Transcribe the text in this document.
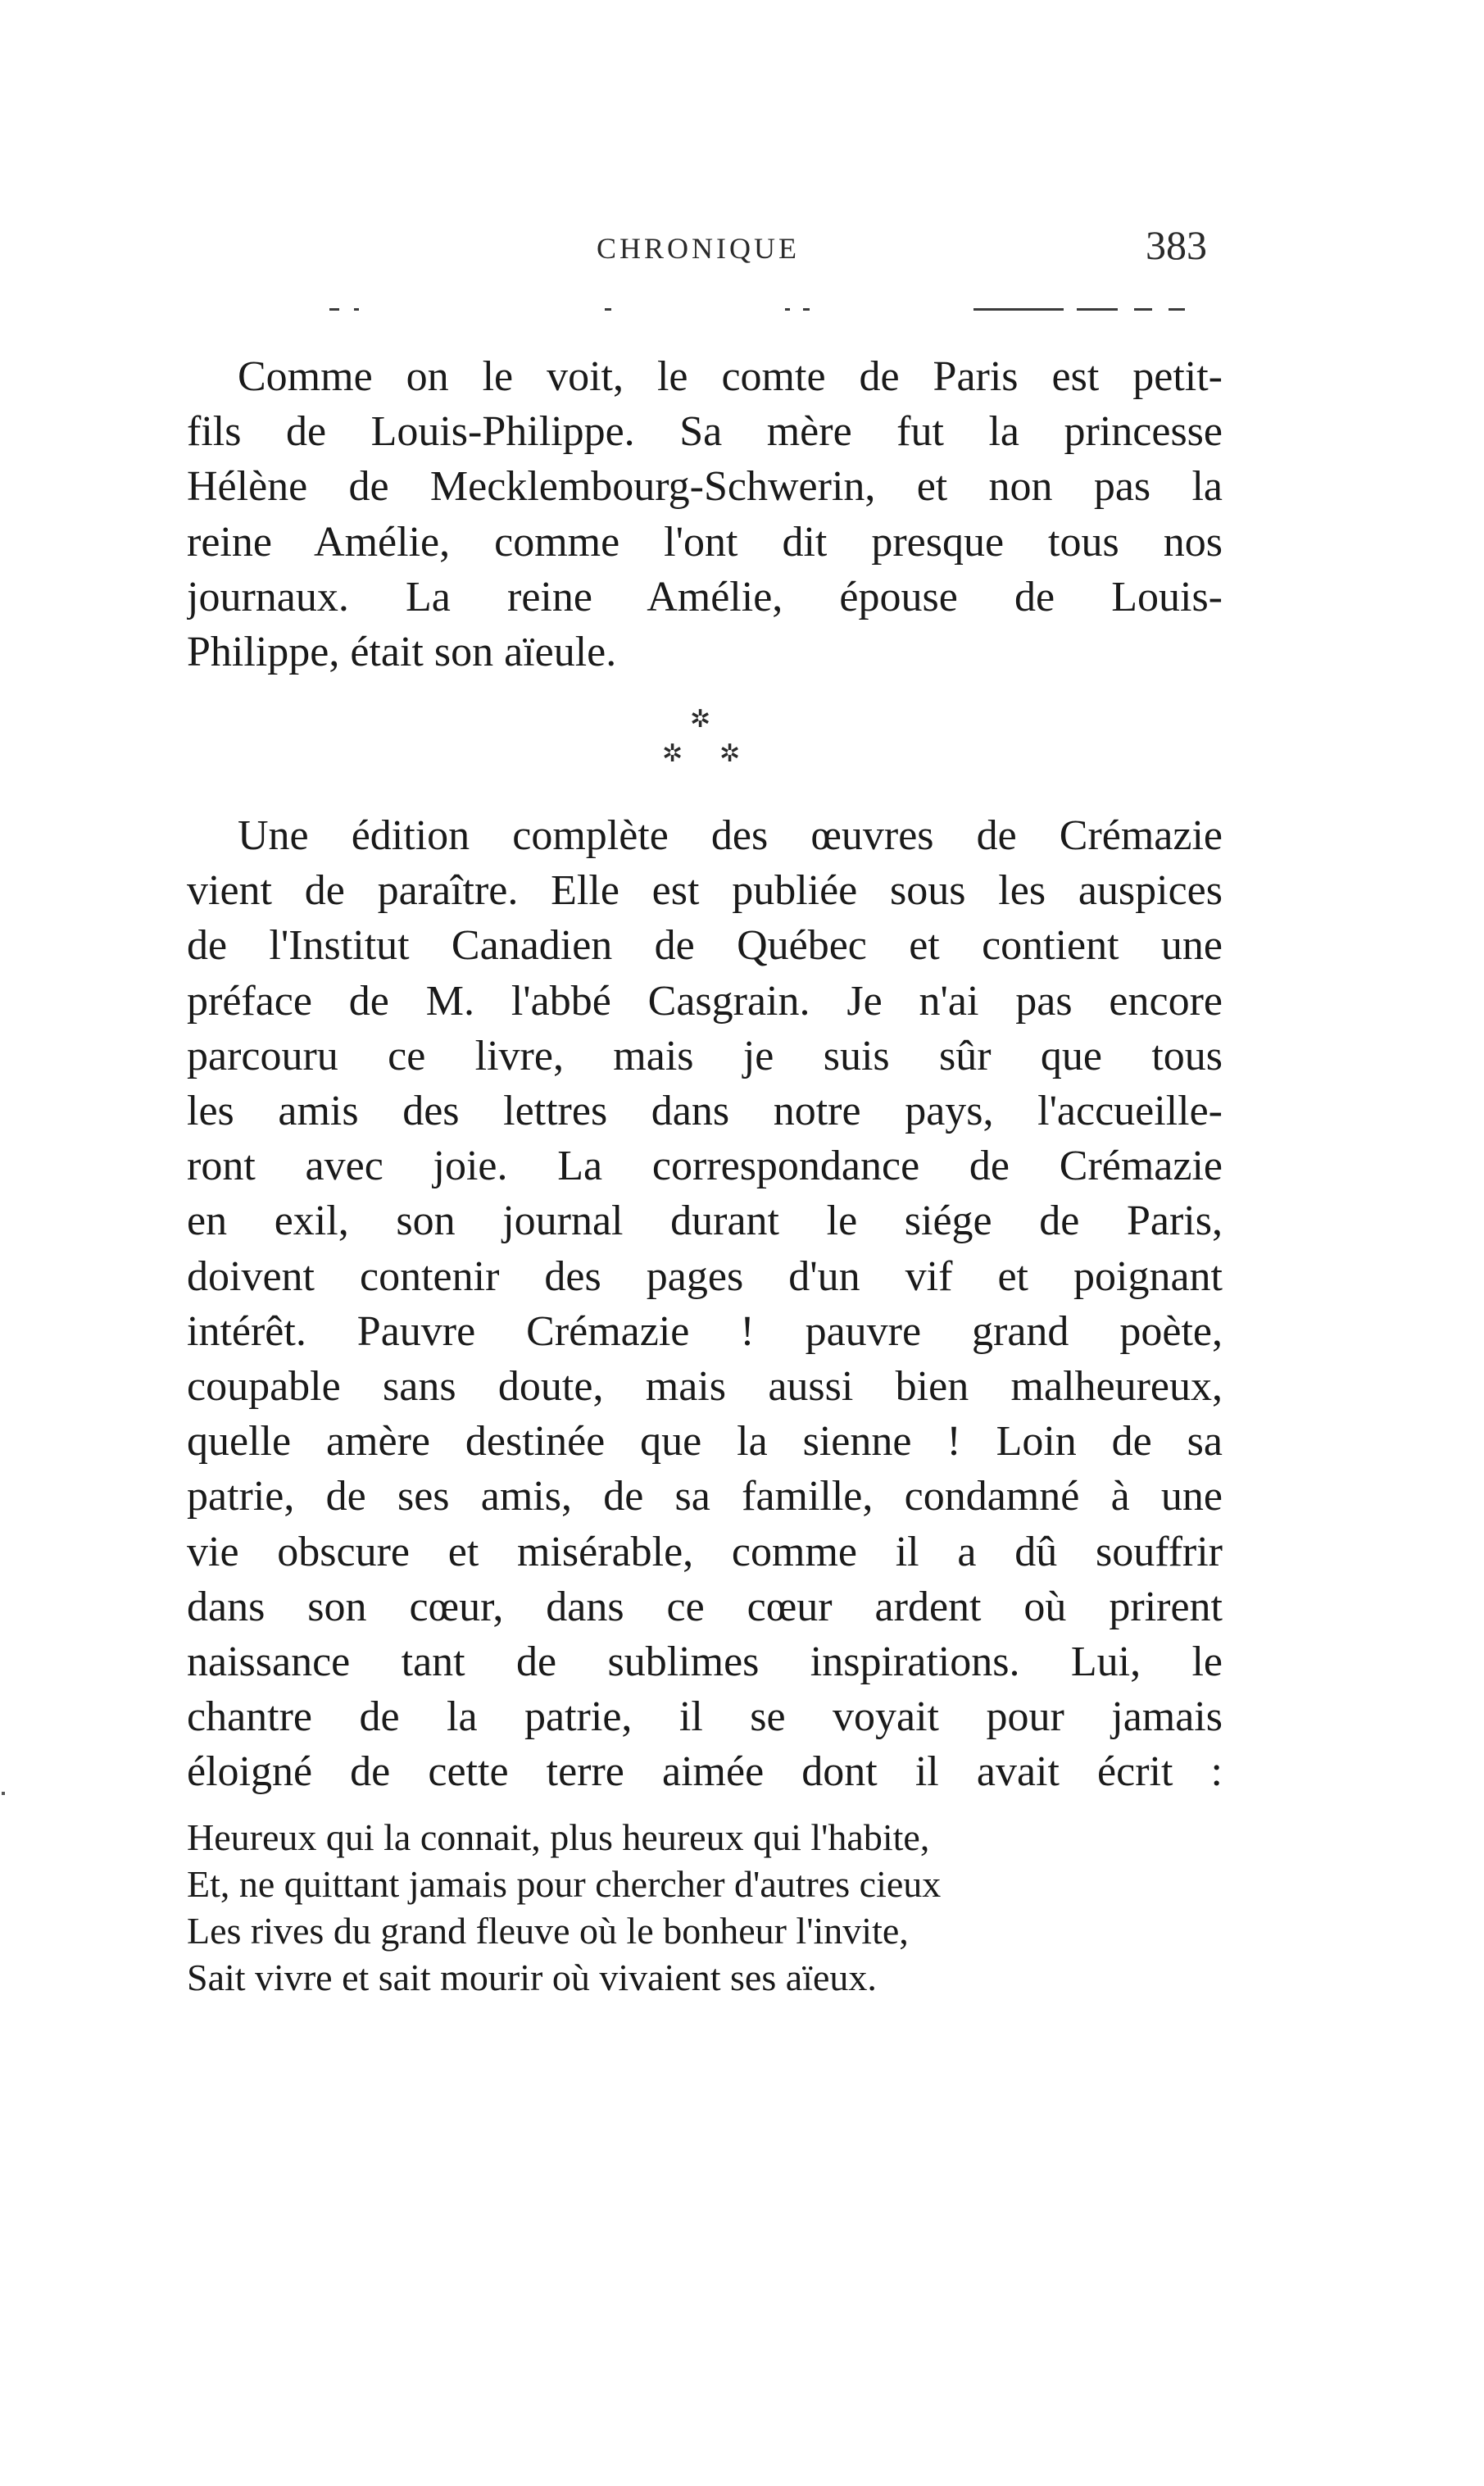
CHRONIQUE	383
Comme on le voit, le comte de Paris est petit-
fils de Louis-Philippe. Sa mère fut la princesse
Hélène de Mecklembourg-Schwerin, et non pas la
reine Amélie, comme l'ont dit presque tous nos
journaux. La reine Amélie, épouse de Louis-
Philippe, était son aïeule.
✲
✲ ✲
Une édition complète des œuvres de Crémazie
vient de paraître. Elle est publiée sous les auspices
de l'Institut Canadien de Québec et contient une
préface de M. l'abbé Casgrain. Je n'ai pas encore
parcouru ce livre, mais je suis sûr que tous
les amis des lettres dans notre pays, l'accueille-
ront avec joie. La correspondance de Crémazie
en exil, son journal durant le siége de Paris,
doivent contenir des pages d'un vif et poignant
intérêt. Pauvre Crémazie ! pauvre grand poète,
coupable sans doute, mais aussi bien malheureux,
quelle amère destinée que la sienne ! Loin de sa
patrie, de ses amis, de sa famille, condamné à une
vie obscure et misérable, comme il a dû souffrir
dans son cœur, dans ce cœur ardent où prirent
naissance tant de sublimes inspirations. Lui, le
chantre de la patrie, il se voyait pour jamais
éloigné de cette terre aimée dont il avait écrit :
Heureux qui la connait, plus heureux qui l'habite,
Et, ne quittant jamais pour chercher d'autres cieux
Les rives du grand fleuve où le bonheur l'invite,
Sait vivre et sait mourir où vivaient ses aïeux.
